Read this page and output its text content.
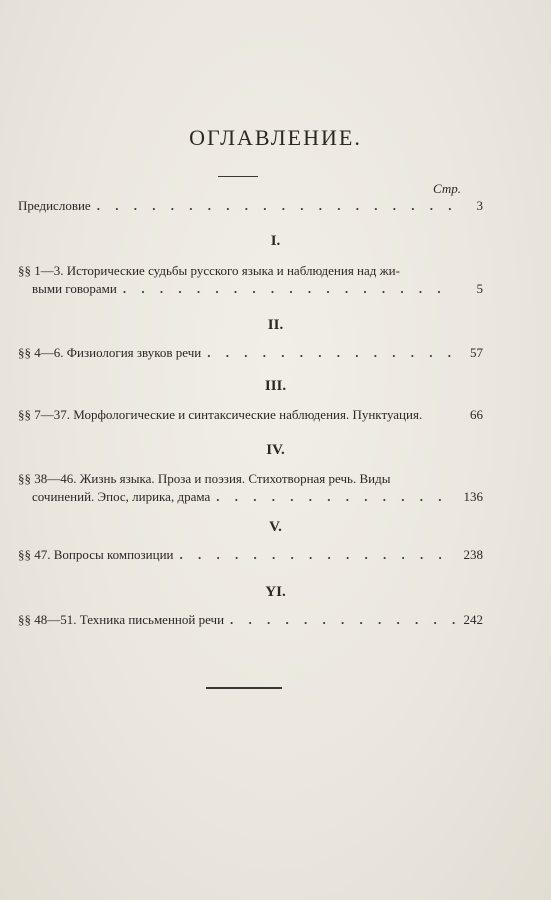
ОГЛАВЛЕНИЕ.
Стр.
Предисловие . . .	3
I.
§§ 1—3. Исторические судьбы русского языка и наблюдения над жи-
выми говорами . . .	5
II.
§§ 4—6. Физиология звуков речи . . .	57
III.
§§ 7—37. Морфологические и синтаксические наблюдения. Пунктуация.	66
IV.
§§ 38—46. Жизнь языка. Проза и поэзия. Стихотворная речь. Виды
сочинений. Эпос, лирика, драма . . .	136
V.
§§ 47. Вопросы композиции . . .	238
YI.
§§ 48—51. Техника письменной речи . . .	242
